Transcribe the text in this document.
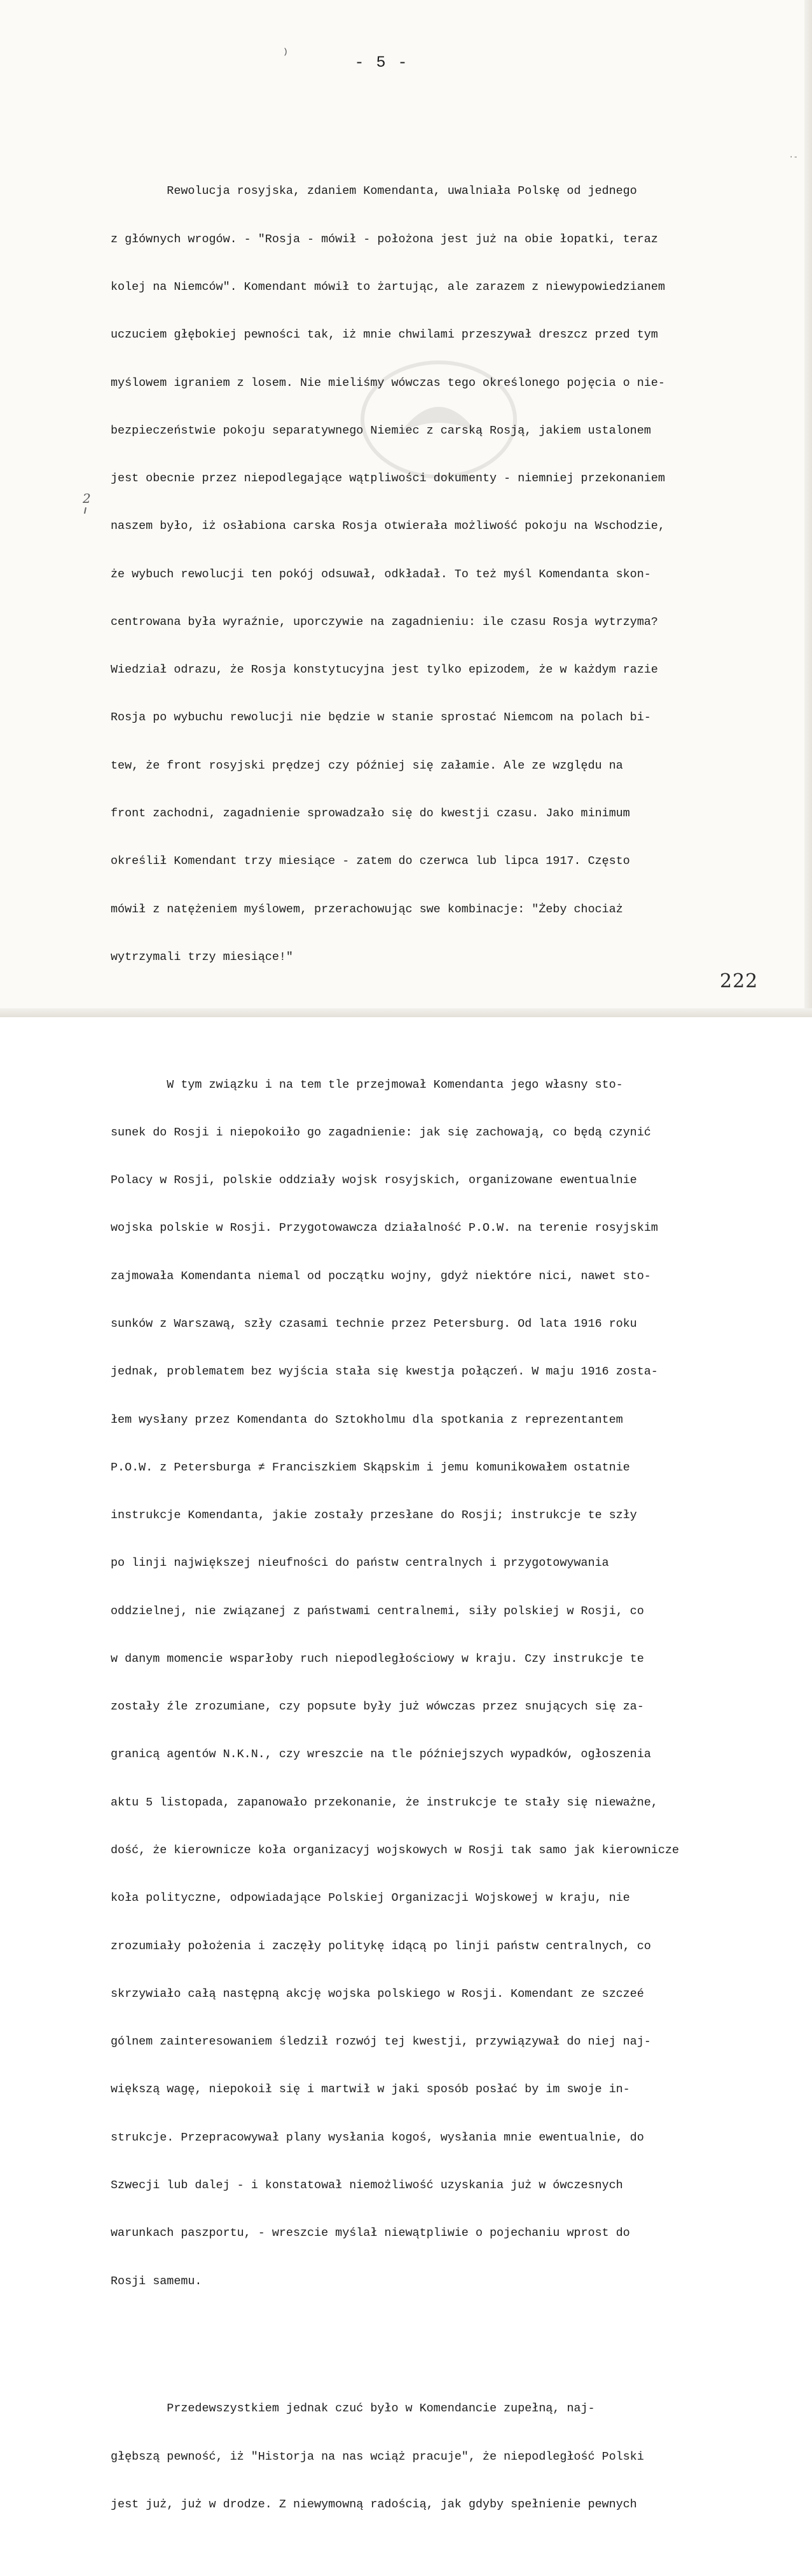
)
- 5 -
·-

Rewolucja rosyjska, zdaniem Komendanta, uwalniała Polskę od jednego

z głównych wrogów. - "Rosja - mówił - położona jest już na obie łopatki, teraz

kolej na Niemców". Komendant mówił to żartując, ale zarazem z niewypowiedzianem

uczuciem głębokiej pewności tak, iż mnie chwilami przeszywał dreszcz przed tym

myślowem igraniem z losem. Nie mieliśmy wówczas tego określonego pojęcia o nie-

bezpieczeństwie pokoju separatywnego Niemiec z carską Rosją, jakiem ustalonem

jest obecnie przez niepodlegające wątpliwości dokumenty - niemniej przekonaniem

naszem było, iż osłabiona carska Rosja otwierała możliwość pokoju na Wschodzie,

że wybuch rewolucji ten pokój odsuwał, odkładał. To też myśl Komendanta skon-

centrowana była wyraźnie, uporczywie na zagadnieniu: ile czasu Rosja wytrzyma?

Wiedział odrazu, że Rosja konstytucyjna jest tylko epizodem, że w każdym razie

Rosja po wybuchu rewolucji nie będzie w stanie sprostać Niemcom na polach bi-

tew, że front rosyjski prędzej czy później się załamie. Ale ze względu na

front zachodni, zagadnienie sprowadzało się do kwestji czasu. Jako minimum

określił Komendant trzy miesiące - zatem do czerwca lub lipca 1917. Często

mówił z natężeniem myślowem, przerachowując swe kombinacje: "Żeby chociaż

wytrzymali trzy miesiące!"

W tym związku i na tem tle przejmował Komendanta jego własny sto-

sunek do Rosji i niepokoiło go zagadnienie: jak się zachowają, co będą czynić

Polacy w Rosji, polskie oddziały wojsk rosyjskich, organizowane ewentualnie

wojska polskie w Rosji. Przygotowawcza działalność P.O.W. na terenie rosyjskim

zajmowała Komendanta niemal od początku wojny, gdyż niektóre nici, nawet sto-

sunków z Warszawą, szły czasami technie przez Petersburg. Od lata 1916 roku

jednak, problematem bez wyjścia stała się kwestja połączeń. W maju 1916 zosta-

łem wysłany przez Komendanta do Sztokholmu dla spotkania z reprezentantem

P.O.W. z Petersburga ≠ Franciszkiem Skąpskim i jemu komunikowałem ostatnie

instrukcje Komendanta, jakie zostały przesłane do Rosji; instrukcje te szły

po linji największej nieufności do państw centralnych i przygotowywania

oddzielnej, nie związanej z państwami centralnemi, siły polskiej w Rosji, co

w danym momencie wsparłoby ruch niepodległościowy w kraju. Czy instrukcje te

zostały źle zrozumiane, czy popsute były już wówczas przez snujących się za-

granicą agentów N.K.N., czy wreszcie na tle późniejszych wypadków, ogłoszenia

aktu 5 listopada, zapanowało przekonanie, że instrukcje te stały się nieważne,

dość, że kierownicze koła organizacyj wojskowych w Rosji tak samo jak kierownicze

koła polityczne, odpowiadające Polskiej Organizacji Wojskowej w kraju, nie

zrozumiały położenia i zaczęły politykę idącą po linji państw centralnych, co

skrzywiało całą następną akcję wojska polskiego w Rosji. Komendant ze szczeé

gólnem zainteresowaniem śledził rozwój tej kwestji, przywiązywał do niej naj-

większą wagę, niepokoił się i martwił w jaki sposób posłać by im swoje in-

strukcje. Przepracowywał plany wysłania kogoś, wysłania mnie ewentualnie, do

Szwecji lub dalej - i konstatował niemożliwość uzyskania już w ówczesnych

warunkach paszportu, - wreszcie myślał niewątpliwie o pojechaniu wprost do

Rosji samemu.

Przedewszystkiem jednak czuć było w Komendancie zupełną, naj-

głębszą pewność, iż "Historja na nas wciąż pracuje", że niepodległość Polski

jest już, już w drodze. Z niewymowną radością, jak gdyby spełnienie pewnych

2
222
